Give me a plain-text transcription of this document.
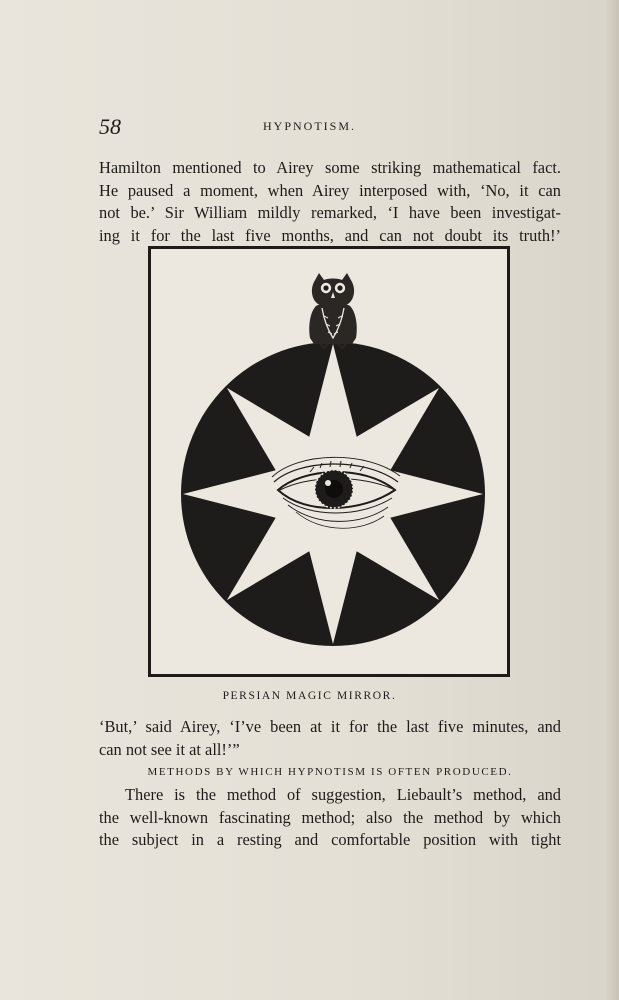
58	HYPNOTISM.

Hamilton mentioned to Airey some striking mathematical fact.
He paused a moment, when Airey interposed with, ‘No, it can
not be.’ Sir William mildly remarked, ‘I have been investigat-
ing it for the last five months, and can not doubt its truth!’

PERSIAN MAGIC MIRROR.

‘But,’ said Airey, ‘I’ve been at it for the last five minutes, and
can not see it at all!’”

METHODS BY WHICH HYPNOTISM IS OFTEN PRODUCED.

There is the method of suggestion, Liebault’s method, and
the well-known fascinating method; also the method by which
the subject in a resting and comfortable position with tight
